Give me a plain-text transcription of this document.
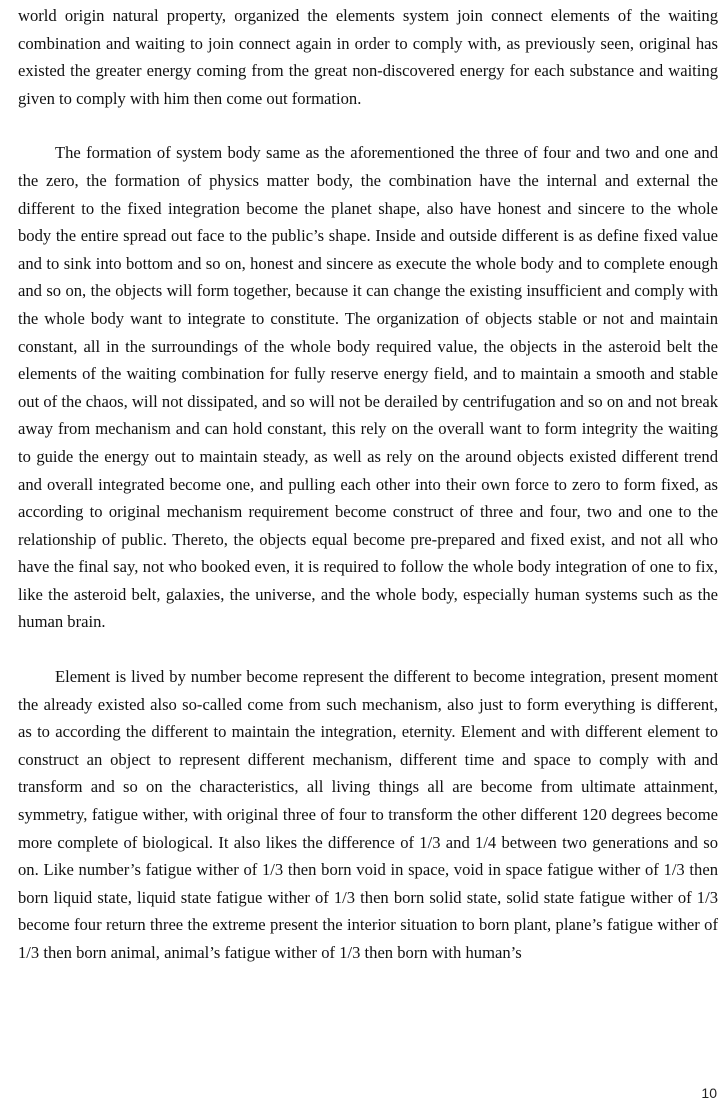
world origin natural property, organized the elements system join connect elements of the waiting combination and waiting to join connect again in order to comply with, as previously seen, original has existed the greater energy coming from the great non-discovered energy for each substance and waiting given to comply with him then come out formation.

The formation of system body same as the aforementioned the three of four and two and one and the zero, the formation of physics matter body, the combination have the internal and external the different to the fixed integration become the planet shape, also have honest and sincere to the whole body the entire spread out face to the public’s shape. Inside and outside different is as define fixed value and to sink into bottom and so on, honest and sincere as execute the whole body and to complete enough and so on, the objects will form together, because it can change the existing insufficient and comply with the whole body want to integrate to constitute. The organization of objects stable or not and maintain constant, all in the surroundings of the whole body required value, the objects in the asteroid belt the elements of the waiting combination for fully reserve energy field, and to maintain a smooth and stable out of the chaos, will not dissipated, and so will not be derailed by centrifugation and so on and not break away from mechanism and can hold constant, this rely on the overall want to form integrity the waiting to guide the energy out to maintain steady, as well as rely on the around objects existed different trend and overall integrated become one, and pulling each other into their own force to zero to form fixed, as according to original mechanism requirement become construct of three and four, two and one to the relationship of public. Thereto, the objects equal become pre-prepared and fixed exist, and not all who have the final say, not who booked even, it is required to follow the whole body integration of one to fix, like the asteroid belt, galaxies, the universe, and the whole body, especially human systems such as the human brain.

Element is lived by number become represent the different to become integration, present moment the already existed also so-called come from such mechanism, also just to form everything is different, as to according the different to maintain the integration, eternity. Element and with different element to construct an object to represent different mechanism, different time and space to comply with and transform and so on the characteristics, all living things all are become from ultimate attainment, symmetry, fatigue wither, with original three of four to transform the other different 120 degrees become more complete of biological. It also likes the difference of 1/3 and 1/4 between two generations and so on. Like number’s fatigue wither of 1/3 then born void in space, void in space fatigue wither of 1/3 then born liquid state, liquid state fatigue wither of 1/3 then born solid state, solid state fatigue wither of 1/3 become four return three the extreme present the interior situation to born plant, plane’s fatigue wither of 1/3 then born animal, animal’s fatigue wither of 1/3 then born with human’s

10
